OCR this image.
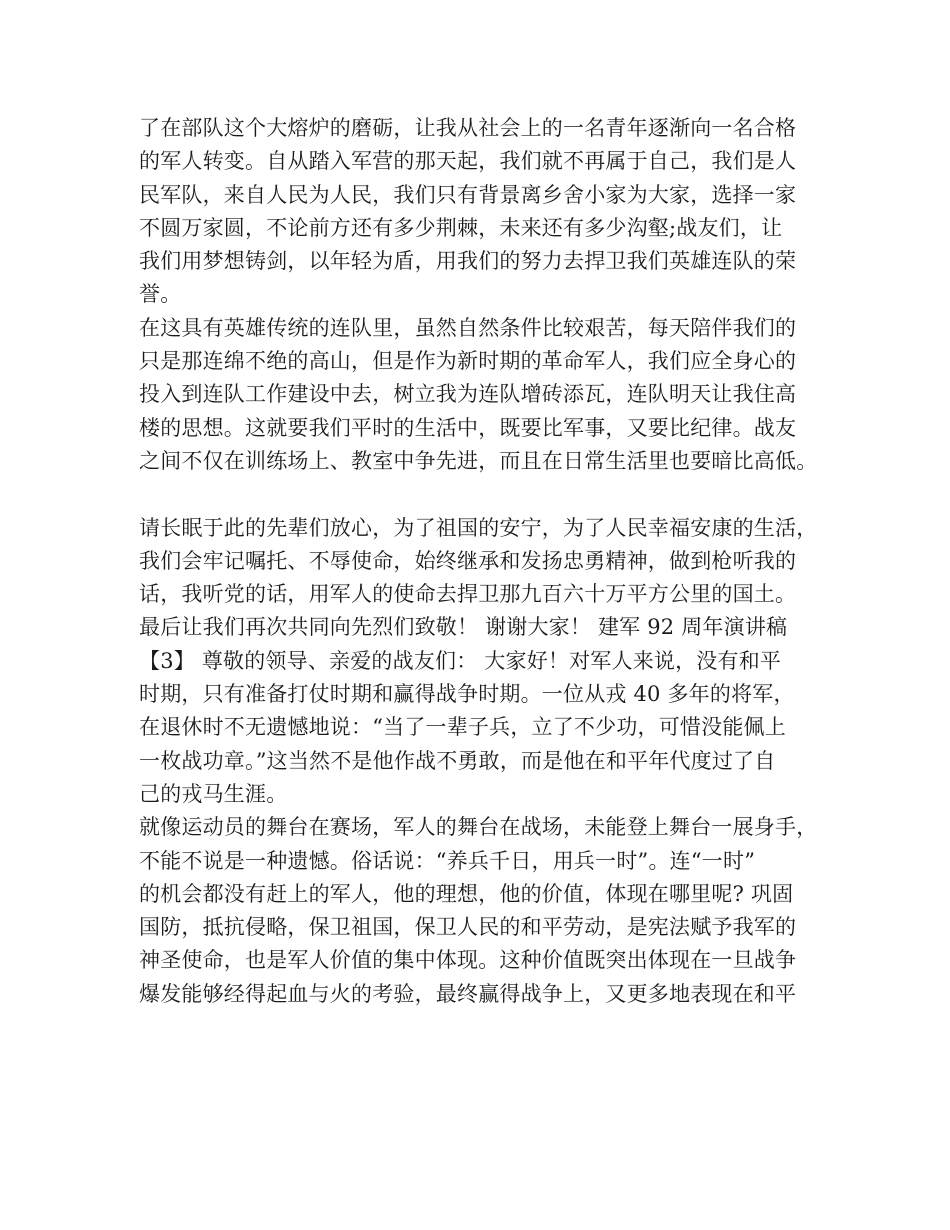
了在部队这个大熔炉的磨砺，让我从社会上的一名青年逐渐向一名合格
的军人转变。自从踏入军营的那天起，我们就不再属于自己，我们是人
民军队，来自人民为人民，我们只有背景离乡舍小家为大家，选择一家
不圆万家圆，不论前方还有多少荆棘，未来还有多少沟壑;战友们，让
我们用梦想铸剑，以年轻为盾，用我们的努力去捍卫我们英雄连队的荣
誉。
在这具有英雄传统的连队里，虽然自然条件比较艰苦，每天陪伴我们的
只是那连绵不绝的高山，但是作为新时期的革命军人，我们应全身心的
投入到连队工作建设中去，树立我为连队增砖添瓦，连队明天让我住高
楼的思想。这就要我们平时的生活中，既要比军事，又要比纪律。战友
之间不仅在训练场上、教室中争先进，而且在日常生活里也要暗比高低。
请长眠于此的先辈们放心，为了祖国的安宁，为了人民幸福安康的生活，
我们会牢记嘱托、不辱使命，始终继承和发扬忠勇精神，做到枪听我的
话，我听党的话，用军人的使命去捍卫那九百六十万平方公里的国土。
最后让我们再次共同向先烈们致敬！ 谢谢大家！ 建军 92 周年演讲稿
【3】 尊敬的领导、亲爱的战友们： 大家好！对军人来说，没有和平
时期，只有准备打仗时期和赢得战争时期。一位从戎 40 多年的将军，
在退休时不无遗憾地说：“当了一辈子兵，立了不少功，可惜没能佩上
一枚战功章。”这当然不是他作战不勇敢，而是他在和平年代度过了自
己的戎马生涯。
就像运动员的舞台在赛场，军人的舞台在战场，未能登上舞台一展身手，
不能不说是一种遗憾。俗话说：“养兵千日，用兵一时”。连“一时”
的机会都没有赶上的军人，他的理想，他的价值，体现在哪里呢? 巩固
国防，抵抗侵略，保卫祖国，保卫人民的和平劳动，是宪法赋予我军的
神圣使命，也是军人价值的集中体现。这种价值既突出体现在一旦战争
爆发能够经得起血与火的考验，最终赢得战争上，又更多地表现在和平
